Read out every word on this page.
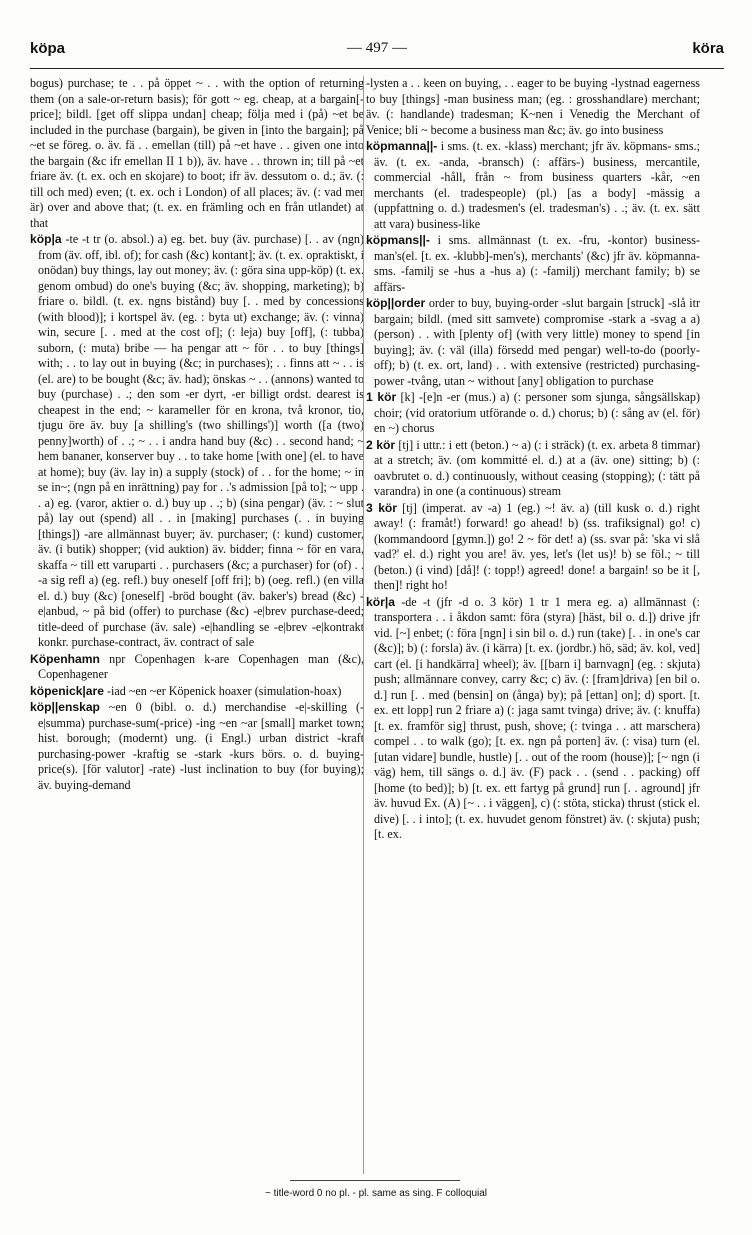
köpa	— 497 —	köra

bogus) purchase; te . . på öppet ~ . . with the option of returning them (on a sale-or-return basis); för gott ~ eg. cheap, at a bargain[-price]; bildl. [get off slippa undan] cheap; följa med i (på) ~et be included in the purchase (bargain), be given in [into the bargain]; på ~et se föreg. o. äv. fä . . emellan (till) på ~et have . . given one into the bargain (&c ifr emellan II 1 b)), äv. have . . thrown in; till på ~et friare äv. (t. ex. och en skojare) to boot; ifr äv. dessutom o. d.; äv. (: till och med) even; (t. ex. och i London) of all places; äv. (: vad mer är) over and above that; (t. ex. en främling och en från utlandet) at that

köp|a -te -t tr (o. absol.) a) eg. bet. buy (äv. purchase) [. . av (ngn) from (äv. off, ibl. of); for cash (&c) kontant]; äv. (t. ex. opraktiskt, i onödan) buy things, lay out money; äv. (: göra sina upp-köp) (t. ex. genom ombud) do one's buying (&c; äv. shopping, marketing); b) friare o. bildl. (t. ex. ngns bistånd) buy [. . med by concessions (with blood)]; i kortspel äv. (eg. : byta ut) exchange; äv. (: vinna) win, secure [. . med at the cost of]; (: leja) buy [off], (: tubba) suborn, (: muta) bribe — ha pengar att ~ för . . to buy [things] with; . . to lay out in buying (&c; in purchases); . . finns att ~ . . is (el. are) to be bought (&c; äv. had); önskas ~ . . (annons) wanted to buy (purchase) . .; den som -er dyrt, -er billigt ordst. dearest is cheapest in the end; ~ karameller för en krona, två kronor, tio, tjugu öre äv. buy [a shilling's (two shillings')] worth ([a (two) penny]worth) of . .; ~ . . i andra hand buy (&c) . . second hand; ~ hem bananer, konserver buy . . to take home [with one] (el. to have at home); buy (äv. lay in) a supply (stock) of . . for the home; ~ in se in~; (ngn på en inrättning) pay for . .'s admission [på to]; ~ upp . . a) eg. (varor, aktier o. d.) buy up . .; b) (sina pengar) (äv. : ~ slut på) lay out (spend) all . . in [making] purchases (. . in buying [things]) -are allmännast buyer; äv. purchaser; (: kund) customer, äv. (i butik) shopper; (vid auktion) äv. bidder; finna ~ för en vara, skaffa ~ till ett varuparti . . purchasers (&c; a purchaser) for (of) . . -a sig refl a) (eg. refl.) buy oneself [off fri]; b) (oeg. refl.) (en villa el. d.) buy (&c) [oneself] -bröd bought (äv. baker's) bread (&c) -e|anbud, ~ på bid (offer) to purchase (&c) -e|brev purchase-deed; title-deed of purchase (äv. sale) -e|handling se -e|brev -e|kontrakt konkr. purchase-contract, äv. contract of sale

Köpenhamn npr Copenhagen k-are Copenhagen man (&c), Copenhagener

köpenick|are -iad ~en ~er Köpenick hoaxer (simulation-hoax)

köp||enskap ~en 0 (bibl. o. d.) merchandise -e|-skilling (-e|summa) purchase-sum(-price) -ing ~en ~ar [small] market town; hist. borough; (modernt) ung. (i Engl.) urban district -kraft purchasing-power -kraftig se -stark -kurs börs. o. d. buying-price(s). [för valutor] -rate) -lust inclination to buy (for buying); äv. buying-demand

-lysten a . . keen on buying, . . eager to be buying -lystnad eagerness to buy [things] -man business man; (eg. : grosshandlare) merchant; äv. (: handlande) tradesman; K~nen i Venedig the Merchant of Venice; bli ~ become a business man &c; äv. go into business

köpmanna||- i sms. (t. ex. -klass) merchant; jfr äv. köpmans- sms.; äv. (t. ex. -anda, -bransch) (: affärs-) business, mercantile, commercial -håll, från ~ from business quarters -kår, ~en merchants (el. tradespeople) (pl.) [as a body] -mässig a (uppfattning o. d.) tradesmen's (el. tradesman's) . .; äv. (t. ex. sätt att vara) business-like

köpmans||- i sms. allmännast (t. ex. -fru, -kontor) business-man's(el. [t. ex. -klubb]-men's), merchants' (&c) jfr äv. köpmanna- sms. -familj se -hus a -hus a) (: -familj) merchant family; b) se affärs-

köp||order order to buy, buying-order -slut bargain [struck] -slå itr bargain; bildl. (med sitt samvete) compromise -stark a -svag a a) (person) . . with [plenty of] (with very little) money to spend [in buying]; äv. (: väl (illa) försedd med pengar) well-to-do (poorly-off); b) (t. ex. ort, land) . . with extensive (restricted) purchasing-power -tvång, utan ~ without [any] obligation to purchase

1 kör [k] -[e]n -er (mus.) a) (: personer som sjunga, sångsällskap) choir; (vid oratorium utförande o. d.) chorus; b) (: sång av (el. för) en ~) chorus

2 kör [tj] i uttr.: i ett (beton.) ~ a) (: i sträck) (t. ex. arbeta 8 timmar) at a stretch; äv. (om kommitté el. d.) at a (äv. one) sitting; b) (: oavbrutet o. d.) continuously, without ceasing (stopping); (: tätt på varandra) in one (a continuous) stream

3 kör [tj] (imperat. av -a) 1 (eg.) ~! äv. a) (till kusk o. d.) right away! (: framåt!) forward! go ahead! b) (ss. trafiksignal) go! c) (kommandoord [gymn.]) go! 2 ~ för det! a) (ss. svar på: 'ska vi slå vad?' el. d.) right you are! äv. yes, let's (let us)! b) se föl.; ~ till (beton.) (i vind) [då]! (: topp!) agreed! done! a bargain! so be it [, then]! right ho!

kör|a -de -t (jfr -d o. 3 kör) 1 tr 1 mera eg. a) allmännast (: transportera . . i åkdon samt: föra (styra) [häst, bil o. d.]) drive jfr vid. [~] enbet; (: föra [ngn] i sin bil o. d.) run (take) [. . in one's car (&c)]; b) (: forsla) äv. (i kärra) [t. ex. (jordbr.) hö, säd; äv. kol, ved] cart (el. [i handkärra] wheel); äv. [[barn i] barnvagn] (eg. : skjuta) push; allmännare convey, carry &c; c) äv. (: [fram]driva) [en bil o. d.] run [. . med (bensin] on (ånga) by); på [ettan] on]; d) sport. [t. ex. ett lopp] run 2 friare a) (: jaga samt tvinga) drive; äv. (: knuffa) [t. ex. framför sig] thrust, push, shove; (: tvinga . . att marschera) compel . . to walk (go); [t. ex. ngn på porten] äv. (: visa) turn (el. [utan vidare] bundle, hustle) [. . out of the room (house)]; [~ ngn (i väg) hem, till sängs o. d.] äv. (F) pack . . (send . . packing) off [home (to bed)]; b) [t. ex. ett fartyg på grund] run [. . aground] jfr äv. huvud Ex. (A) [~ . . i väggen], c) (: stöta, sticka) thrust (stick el. dive) [. . i into]; (t. ex. huvudet genom fönstret) äv. (: skjuta) push; [t. ex.

~ title-word 0 no pl. - pl. same as sing. F colloquial
